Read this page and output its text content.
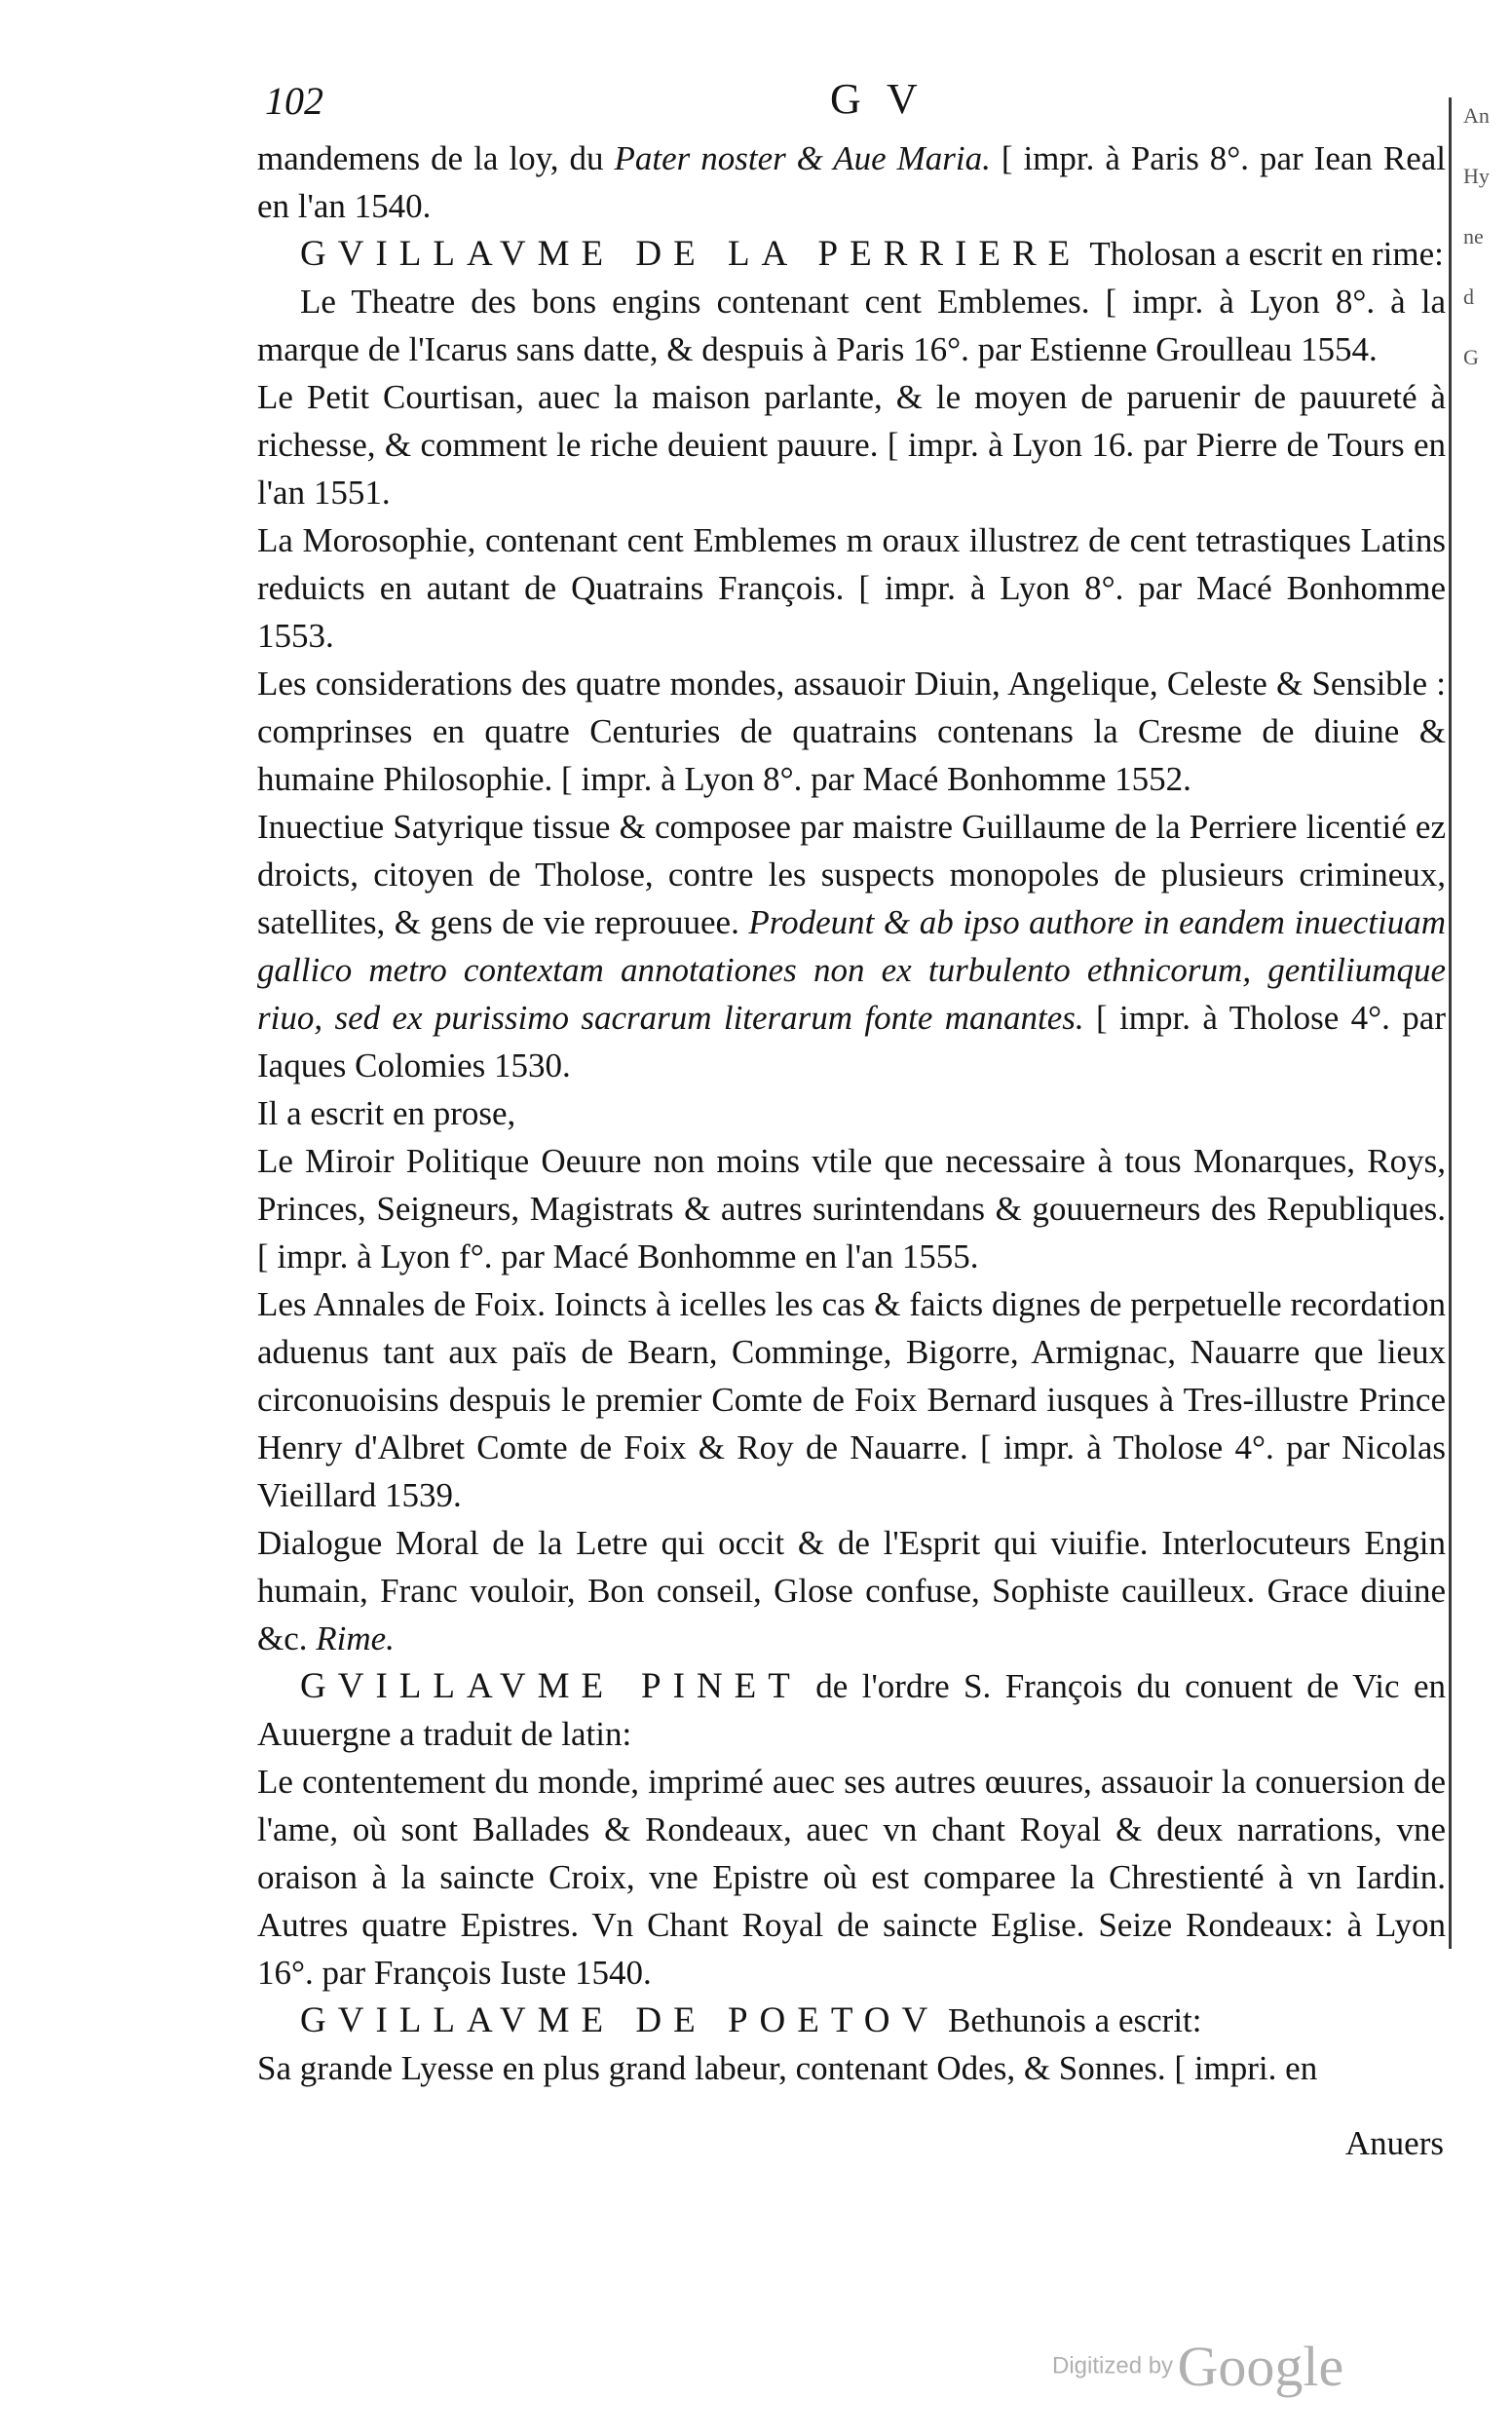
102	G V

mandemens de la loy, du Pater noster & Aue Maria. [ impr. à Paris 8°. par Iean Real en l'an 1540.

GVILLAVME DE LA PERRIERE Tholosan a escrit en rime:

Le Theatre des bons engins contenant cent Emblemes. [ impr. à Lyon 8°. à la marque de l'Icarus sans datte, & despuis à Paris 16°. par Estienne Groulleau 1554.

Le Petit Courtisan, auec la maison parlante, & le moyen de paruenir de pauureté à richesse, & comment le riche deuient pauure. [ impr. à Lyon 16. par Pierre de Tours en l'an 1551.

La Morosophie, contenant cent Emblemes m oraux illustrez de cent tetrastiques Latins reduicts en autant de Quatrains François. [ impr. à Lyon 8°. par Macé Bonhomme 1553.

Les considerations des quatre mondes, assauoir Diuin, Angelique, Celeste & Sensible : comprinses en quatre Centuries de quatrains contenans la Cresme de diuine & humaine Philosophie. [ impr. à Lyon 8°. par Macé Bonhomme 1552.

Inuectiue Satyrique tissue & composee par maistre Guillaume de la Perriere licentié ez droicts, citoyen de Tholose, contre les suspects monopoles de plusieurs crimineux, satellites, & gens de vie reprouuee. Prodeunt & ab ipso authore in eandem inuectiuam gallico metro contextam annotationes non ex turbulento ethnicorum, gentiliumque riuo, sed ex purissimo sacrarum literarum fonte manantes. [ impr. à Tholose 4°. par Iaques Colomies 1530.

Il a escrit en prose,

Le Miroir Politique Oeuure non moins vtile que necessaire à tous Monarques, Roys, Princes, Seigneurs, Magistrats & autres surintendans & gouuerneurs des Republiques. [ impr. à Lyon f°. par Macé Bonhomme en l'an 1555.

Les Annales de Foix. Ioincts à icelles les cas & faicts dignes de perpetuelle recordation aduenus tant aux païs de Bearn, Comminge, Bigorre, Armignac, Nauarre que lieux circonuoisins despuis le premier Comte de Foix Bernard iusques à Tres-illustre Prince Henry d'Albret Comte de Foix & Roy de Nauarre. [ impr. à Tholose 4°. par Nicolas Vieillard 1539.

Dialogue Moral de la Letre qui occit & de l'Esprit qui viuifie. Interlocuteurs Engin humain, Franc vouloir, Bon conseil, Glose confuse, Sophiste cauilleux. Grace diuine &c. Rime.

GVILLAVME PINET de l'ordre S. François du conuent de Vic en Auuergne a traduit de latin:

Le contentement du monde, imprimé auec ses autres œuures, assauoir la conuersion de l'ame, où sont Ballades & Rondeaux, auec vn chant Royal & deux narrations, vne oraison à la saincte Croix, vne Epistre où est comparee la Chrestienté à vn Iardin. Autres quatre Epistres. Vn Chant Royal de saincte Eglise. Seize Rondeaux: à Lyon 16°. par François Iuste 1540.

GVILLAVME DE POETOV Bethunois a escrit:

Sa grande Lyesse en plus grand labeur, contenant Odes, & Sonnes. [ impri. en

Anuers
An
Hy
ne
d
G
Digitized by Google
